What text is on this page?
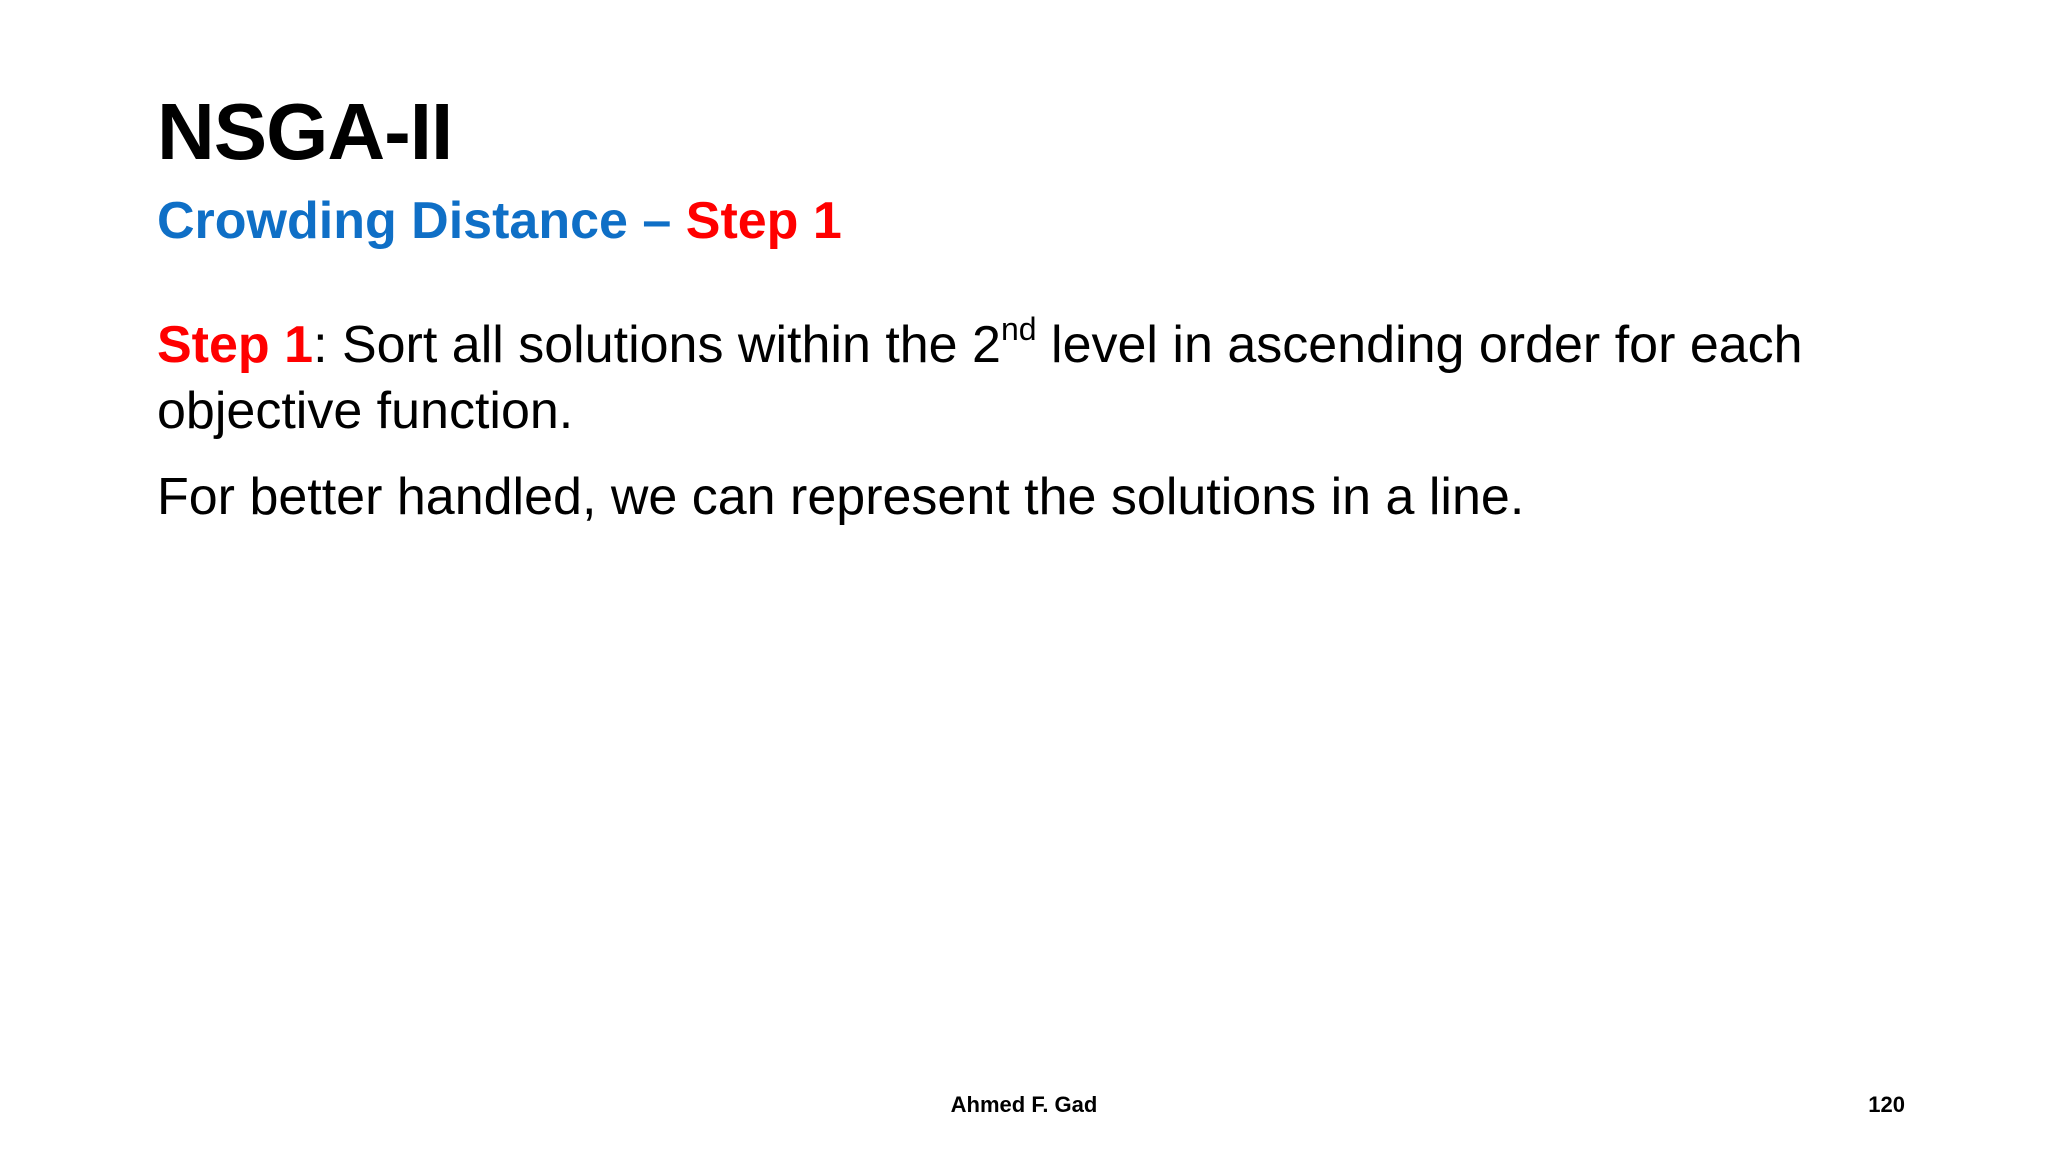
NSGA-II
Crowding Distance – Step 1

Step 1: Sort all solutions within the 2nd level in ascending order for each objective function.

For better handled, we can represent the solutions in a line.

Ahmed F. Gad	120
